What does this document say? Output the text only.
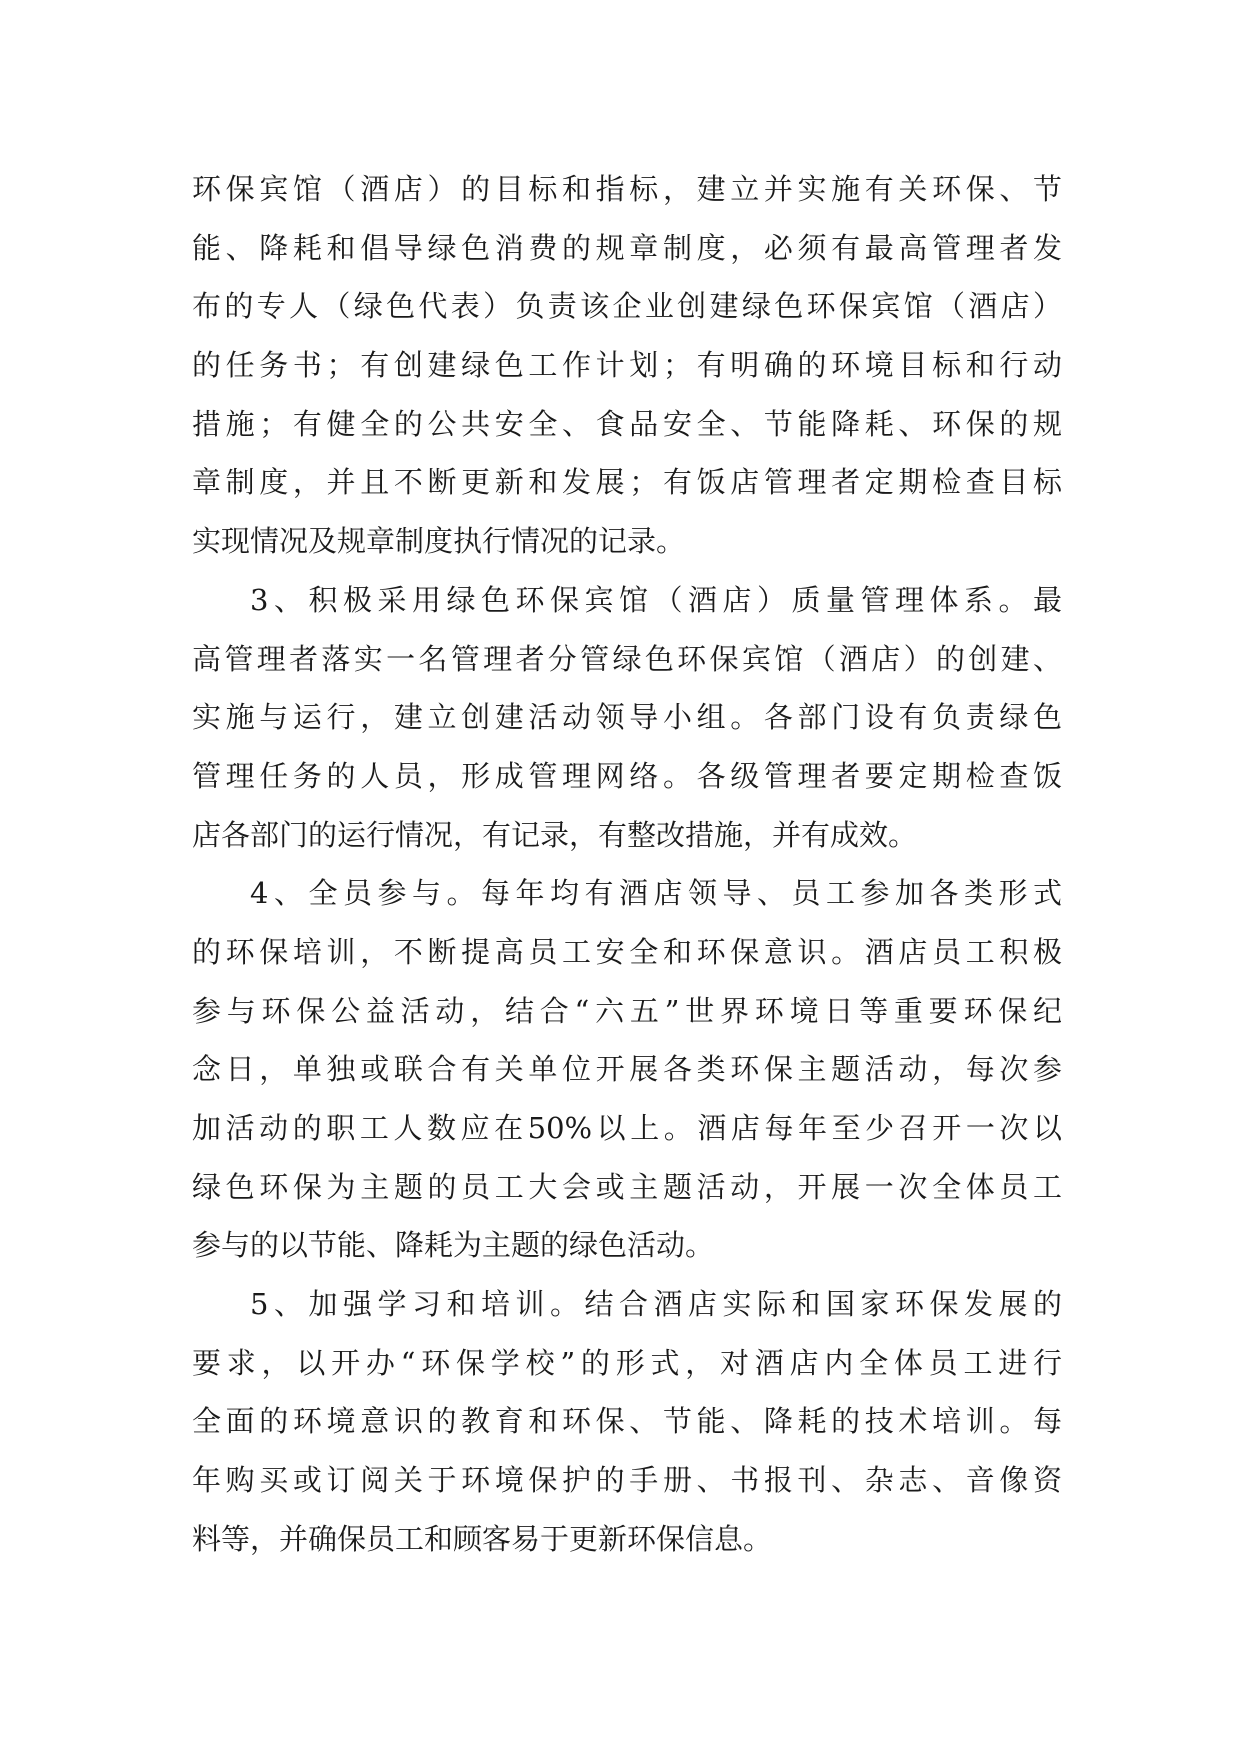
环保宾馆（酒店）的目标和指标，建立并实施有关环保、节
能、降耗和倡导绿色消费的规章制度，必须有最高管理者发
布的专人（绿色代表）负责该企业创建绿色环保宾馆（酒店）
的任务书；有创建绿色工作计划；有明确的环境目标和行动
措施；有健全的公共安全、食品安全、节能降耗、环保的规
章制度，并且不断更新和发展；有饭店管理者定期检查目标
实现情况及规章制度执行情况的记录。
3、积极采用绿色环保宾馆（酒店）质量管理体系。最
高管理者落实一名管理者分管绿色环保宾馆（酒店）的创建、
实施与运行，建立创建活动领导小组。各部门设有负责绿色
管理任务的人员，形成管理网络。各级管理者要定期检查饭
店各部门的运行情况，有记录，有整改措施，并有成效。
4、全员参与。每年均有酒店领导、员工参加各类形式
的环保培训，不断提高员工安全和环保意识。酒店员工积极
参与环保公益活动，结合“六五”世界环境日等重要环保纪
念日，单独或联合有关单位开展各类环保主题活动，每次参
加活动的职工人数应在50%以上。酒店每年至少召开一次以
绿色环保为主题的员工大会或主题活动，开展一次全体员工
参与的以节能、降耗为主题的绿色活动。
5、加强学习和培训。结合酒店实际和国家环保发展的
要求，以开办“环保学校”的形式，对酒店内全体员工进行
全面的环境意识的教育和环保、节能、降耗的技术培训。每
年购买或订阅关于环境保护的手册、书报刊、杂志、音像资
料等，并确保员工和顾客易于更新环保信息。
